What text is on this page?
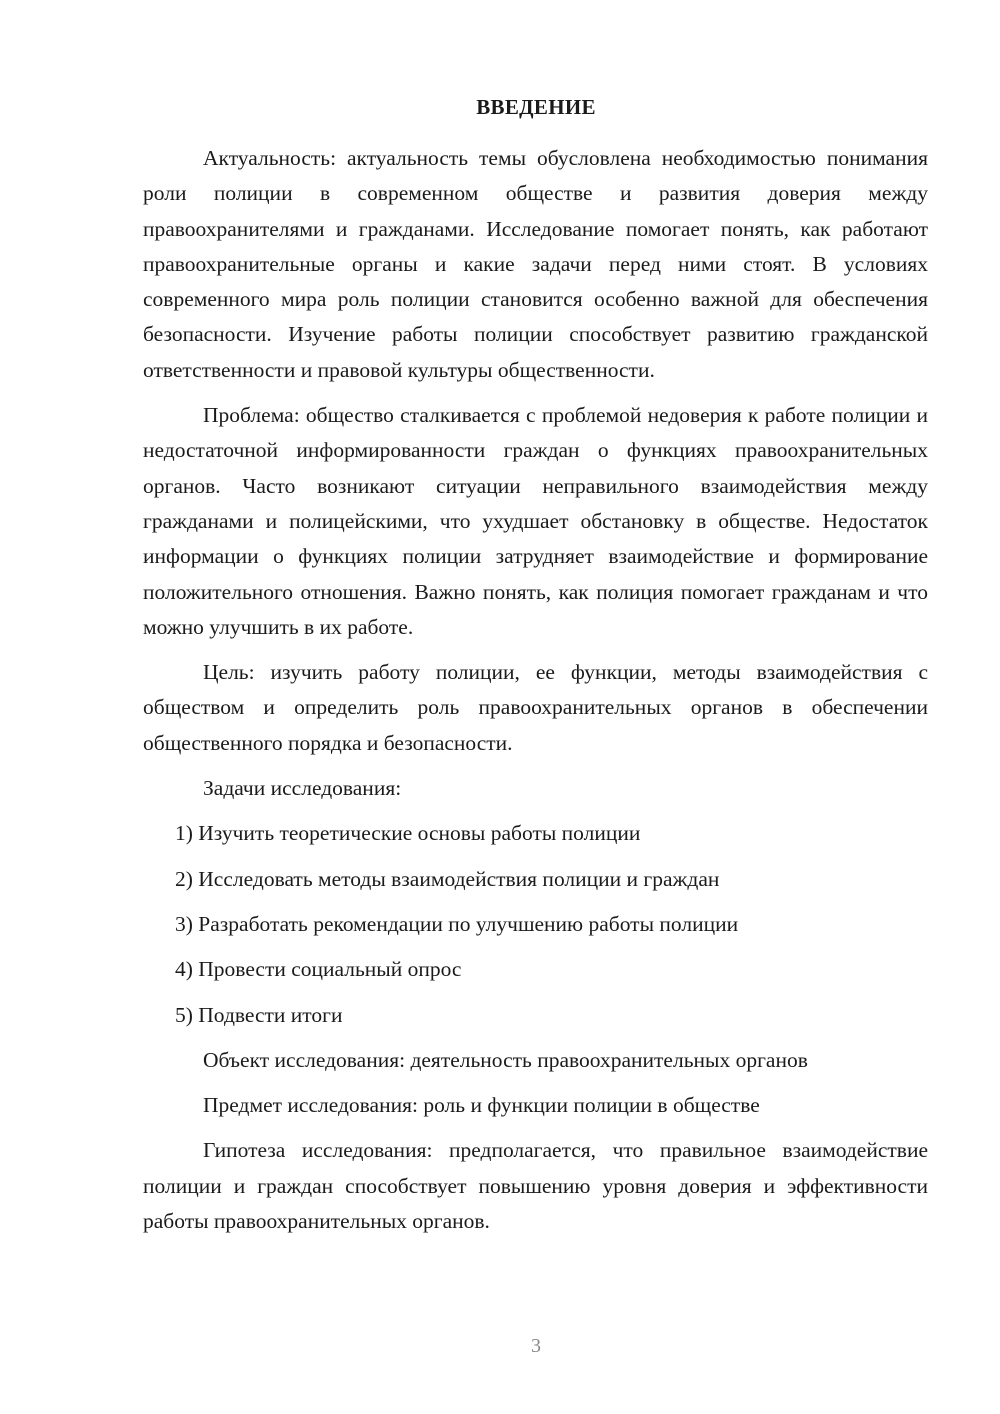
ВВЕДЕНИЕ

Актуальность: актуальность темы обусловлена необходимостью понимания роли полиции в современном обществе и развития доверия между правоохранителями и гражданами. Исследование помогает понять, как работают правоохранительные органы и какие задачи перед ними стоят. В условиях современного мира роль полиции становится особенно важной для обеспечения безопасности. Изучение работы полиции способствует развитию гражданской ответственности и правовой культуры общественности.

Проблема: общество сталкивается с проблемой недоверия к работе полиции и недостаточной информированности граждан о функциях правоохранительных органов. Часто возникают ситуации неправильного взаимодействия между гражданами и полицейскими, что ухудшает обстановку в обществе. Недостаток информации о функциях полиции затрудняет взаимодействие и формирование положительного отношения. Важно понять, как полиция помогает гражданам и что можно улучшить в их работе.

Цель: изучить работу полиции, ее функции, методы взаимодействия с обществом и определить роль правоохранительных органов в обеспечении общественного порядка и безопасности.

Задачи исследования:

1) Изучить теоретические основы работы полиции

2) Исследовать методы взаимодействия полиции и граждан

3) Разработать рекомендации по улучшению работы полиции

4) Провести социальный опрос

5) Подвести итоги

Объект исследования: деятельность правоохранительных органов

Предмет исследования: роль и функции полиции в обществе

Гипотеза исследования: предполагается, что правильное взаимодействие полиции и граждан способствует повышению уровня доверия и эффективности работы правоохранительных органов.

3
